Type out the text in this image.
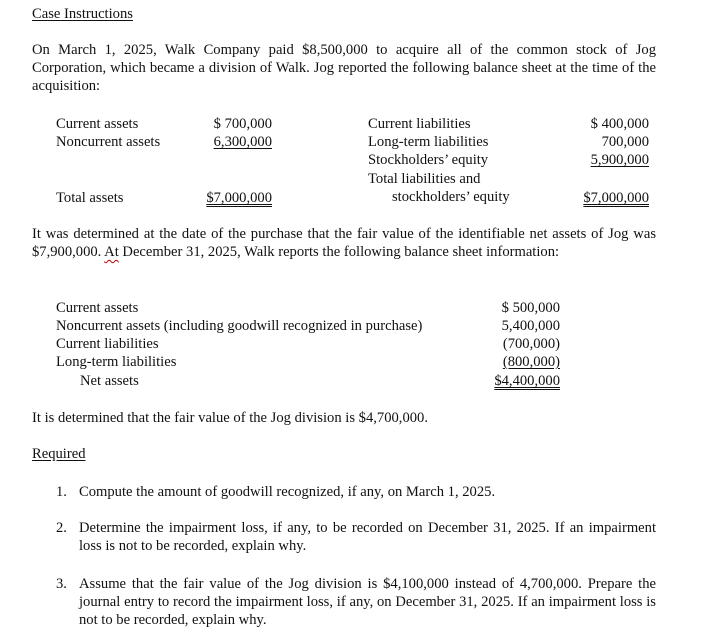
Case Instructions
On March 1, 2025, Walk Company paid $8,500,000 to acquire all of the common stock of Jog Corporation, which became a division of Walk. Jog reported the following balance sheet at the time of the acquisition:
Current assets	$ 700,000
Noncurrent assets	6,300,000
Total assets	$7,000,000
Current liabilities	$ 400,000
Long-term liabilities	700,000
Stockholders’ equity	5,900,000
Total liabilities and
stockholders’ equity	$7,000,000
It was determined at the date of the purchase that the fair value of the identifiable net assets of Jog was $7,900,000. At December 31, 2025, Walk reports the following balance sheet information:
Current assets	$ 500,000
Noncurrent assets (including goodwill recognized in purchase)	5,400,000
Current liabilities	(700,000)
Long-term liabilities	(800,000)
Net assets	$4,400,000
It is determined that the fair value of the Jog division is $4,700,000.
Required
1. Compute the amount of goodwill recognized, if any, on March 1, 2025.
2. Determine the impairment loss, if any, to be recorded on December 31, 2025. If an impairment loss is not to be recorded, explain why.
3. Assume that the fair value of the Jog division is $4,100,000 instead of 4,700,000. Prepare the journal entry to record the impairment loss, if any, on December 31, 2025. If an impairment loss is not to be recorded, explain why.
